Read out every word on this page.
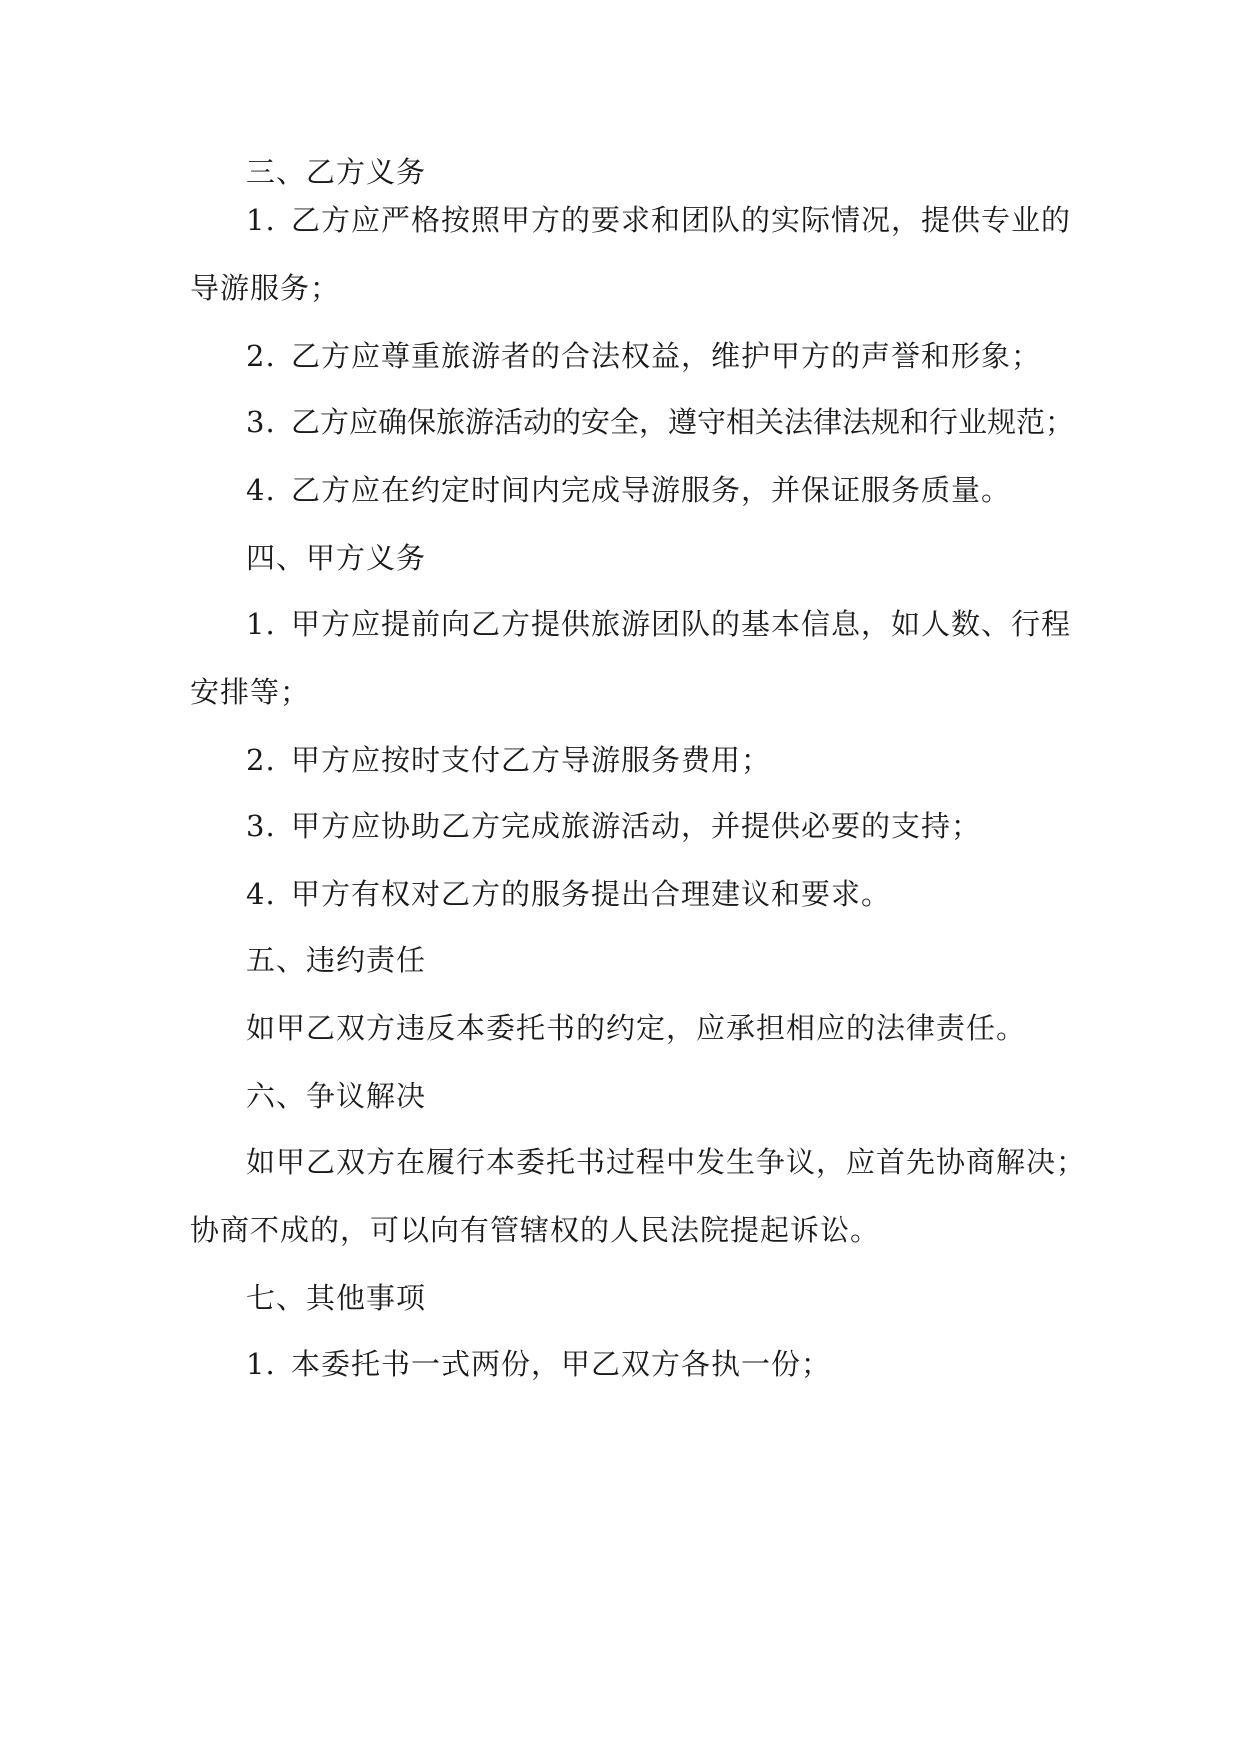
三、乙方义务
1. 乙方应严格按照甲方的要求和团队的实际情况，提供专业的
导游服务；
2. 乙方应尊重旅游者的合法权益，维护甲方的声誉和形象；
3. 乙方应确保旅游活动的安全，遵守相关法律法规和行业规范；
4. 乙方应在约定时间内完成导游服务，并保证服务质量。
四、甲方义务
1. 甲方应提前向乙方提供旅游团队的基本信息，如人数、行程
安排等；
2. 甲方应按时支付乙方导游服务费用；
3. 甲方应协助乙方完成旅游活动，并提供必要的支持；
4. 甲方有权对乙方的服务提出合理建议和要求。
五、违约责任
如甲乙双方违反本委托书的约定，应承担相应的法律责任。
六、争议解决
如甲乙双方在履行本委托书过程中发生争议，应首先协商解决；
协商不成的，可以向有管辖权的人民法院提起诉讼。
七、其他事项
1. 本委托书一式两份，甲乙双方各执一份；
